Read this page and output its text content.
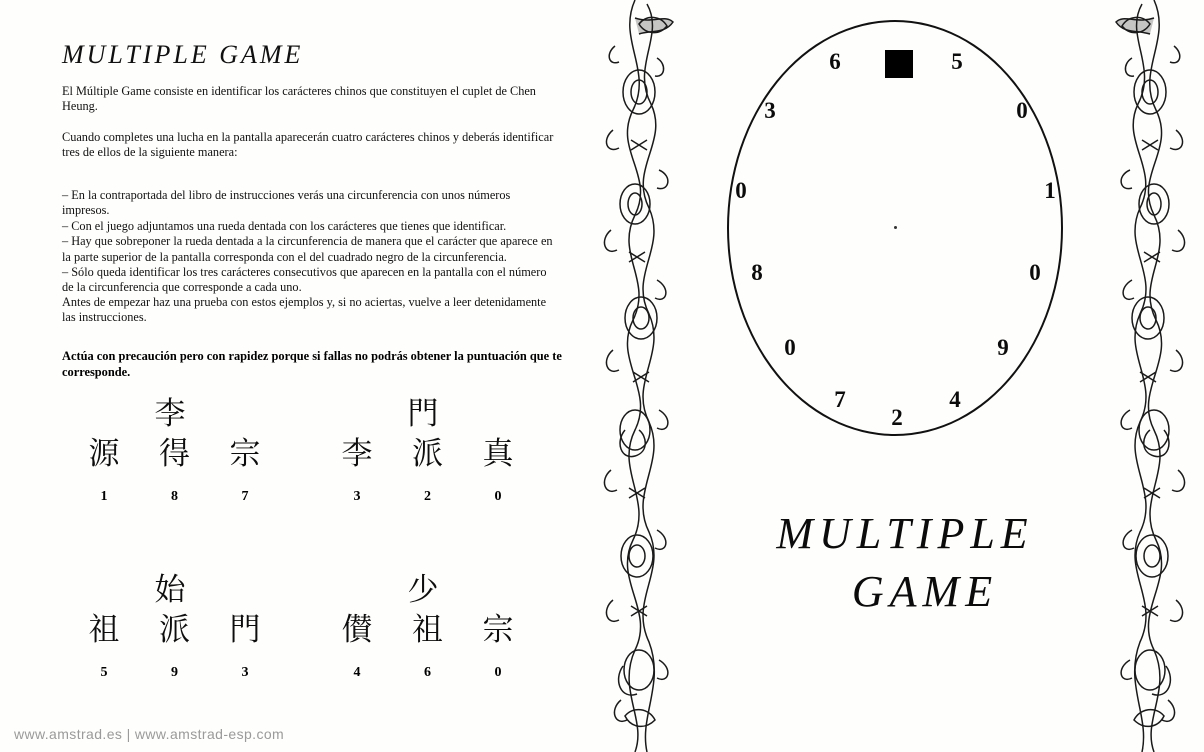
MULTIPLE GAME
El Múltiple Game consiste en identificar los carácteres chinos que constituyen el cuplet de Chen Heung.
Cuando completes una lucha en la pantalla aparecerán cuatro carácteres chinos y deberás identificar tres de ellos de la siguiente manera:

– En la contraportada del libro de instrucciones verás una circunferencia con unos números impresos.

– Con el juego adjuntamos una rueda dentada con los carácteres que tienes que identificar.

– Hay que sobreponer la rueda dentada a la circunferencia de manera que el carácter que aparece en la parte superior de la pantalla corresponda con el del cuadrado negro de la circunferencia.

– Sólo queda identificar los tres carácteres consecutivos que aparecen en la pantalla con el número de la circunferencia que corresponde a cada uno.

Antes de empezar haz una prueba con estos ejemplos y, si no aciertas, vuelve a leer detenidamente las instrucciones.
Actúa con precaución pero con rapidez porque si fallas no podrás obtener la puntuación que te corresponde.
李
源	得	宗
1	8	7
門
李	派	真
3	2	0
始
祖	派	門
5	9	3
少
儧	祖	宗
4	6	0
www.amstrad.es | www.amstrad-esp.com
6	5
3	0
0	1
8	0
0	9
7
2
4
MULTIPLE
GAME
